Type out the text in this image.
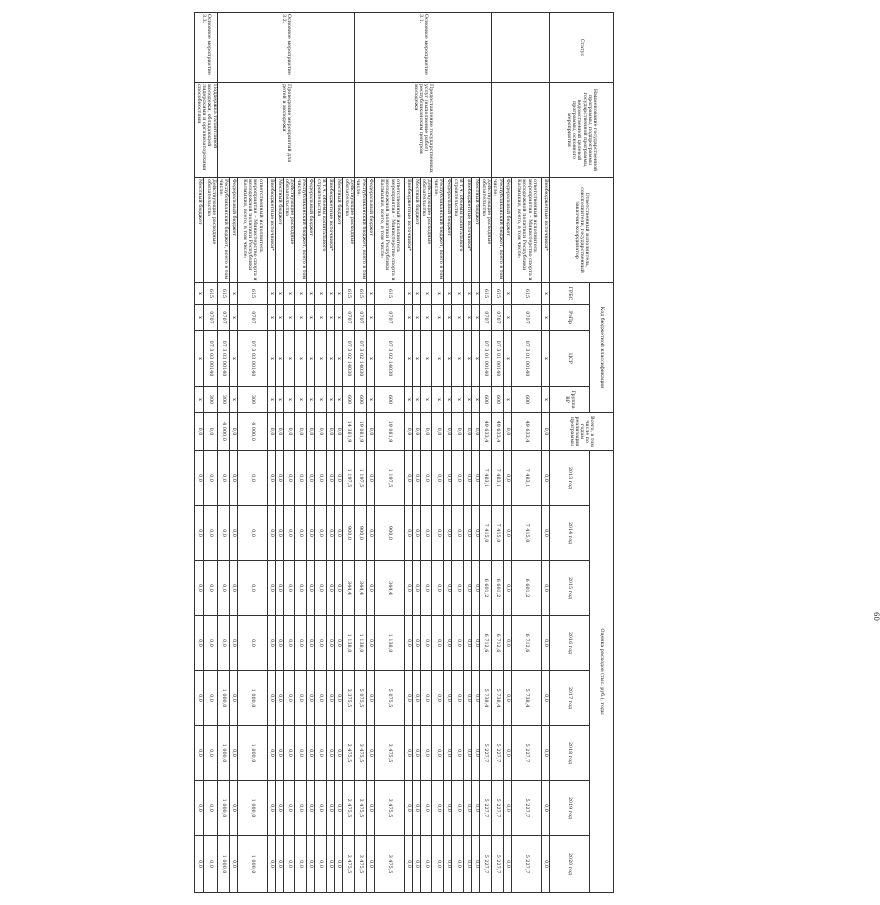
Статус	Наименование государственной программы, подпрограммы государственной программы, ведомственной целевой программы, основного мероприятия	Ответственный исполнитель, соисполнители, государственный заказчик-координатор	Код бюджетной классификации				Всего, в том числе по годам реализации программы	Оценка расходов (тыс. руб.), годы							
			ГРБС	РзПр	ЦСР	Группа ВР		2013 год	2014 год	2015 год	2016 год	2017 год	2018 год	2019 год	2020 год
		Внебюджетные источники*	x	x	x	x	0,0	0,0	0,0	0,0	0,0	0,0	0,0	0,0	0,0
		ответственный исполнитель мероприятия – Министерство спорта и молодежной политики Республики Калмыкия, всего, в том числе:	615	0707	07 3 01 00140	600	49 633,4	7 483,1	7 415,0	6 601,2	6 712,6	5 738,4	5 227,7	5 227,7	5 227,7
		Федеральный бюджет	x	x	x	x	0,0	0,0	0,0	0,0	0,0	0,0	0,0	0,0	0,0
		Республиканский бюджет, всего в том числе:	615	0707	07 3 01 00140	600	49 633,4	7 483,1	7 415,0	6 601,2	6 712,6	5 738,4	5 227,7	5 227,7	5 227,7
Основное мероприятие 3.1.	Предоставление государственных услуг (выполнение работ) республиканским центром молодежи	Действующие расходные обязательства	615	0707	07 3 01 00140	600	49 633,4	7 483,1	7 415,0	6 601,2	6 712,6	5 738,4	5 227,7	5 227,7	5 227,7
		Местный бюджет	x	x	x	x	0,0	0,0	0,0	0,0	0,0	0,0	0,0	0,0	0,0
		Внебюджетные источники*	x	x	x	x	0,0	0,0	0,0	0,0	0,0	0,0	0,0	0,0	0,0
		В т.ч. объемы капитального строительства	x	x	x	x	0,0	0,0	0,0	0,0	0,0	0,0	0,0	0,0	0,0
		Федеральный бюджет	x	x	x	x	0,0	0,0	0,0	0,0	0,0	0,0	0,0	0,0	0,0
		Республиканский бюджет, всего в том числе:	x	x	x	x	0,0	0,0	0,0	0,0	0,0	0,0	0,0	0,0	0,0
		Действующие расходные обязательства	x	x	x	x	0,0	0,0	0,0	0,0	0,0	0,0	0,0	0,0	0,0
		Местный бюджет	x	x	x	x	0,0	0,0	0,0	0,0	0,0	0,0	0,0	0,0	0,0
		Внебюджетные источники*	x	x	x	x	0,0	0,0	0,0	0,0	0,0	0,0	0,0	0,0	0,0
		ответственный исполнитель мероприятия – Министерство спорта и молодежной политики Республики Калмыкия, всего, в том числе:	615	0707	07 3 02 14030	600	19 081,9	1 197,5	900,0	344,4	1 138,0	5 075,5	3 475,5	3 475,5	3 475,5
		Федеральный бюджет	x	x	x	x	0,0	0,0	0,0	0,0	0,0	0,0	0,0	0,0	0,0
		Республиканский бюджет, всего в том числе:	615	0707	07 3 02 14030	600	19 081,9	1 197,5	900,0	344,4	1 138,0	5 075,5	3 475,5	3 475,5	3 475,5
Основное мероприятие 3.2.	Проведение мероприятий для детей и молодежи	Действующие расходные обязательства	615	0707	07 3 02 14030	600	14 381,9	1 197,5	900,0	344,4	1 138,0	3 375,5	2 475,5	2 475,5	2 475,5
		Местный бюджет	x	x	x	x	0,0	0,0	0,0	0,0	0,0	0,0	0,0	0,0	0,0
		Внебюджетные источники*	x	x	x	x	0,0	0,0	0,0	0,0	0,0	0,0	0,0	0,0	0,0
		В т.ч. объемы капитального строительства	x	x	x	x	0,0	0,0	0,0	0,0	0,0	0,0	0,0	0,0	0,0
		Федеральный бюджет	x	x	x	x	0,0	0,0	0,0	0,0	0,0	0,0	0,0	0,0	0,0
		Республиканский бюджет, всего в том числе:	x	x	x	x	0,0	0,0	0,0	0,0	0,0	0,0	0,0	0,0	0,0
		Действующие расходные обязательства	x	x	x	x	0,0	0,0	0,0	0,0	0,0	0,0	0,0	0,0	0,0
		Местный бюджет	x	x	x	x	0,0	0,0	0,0	0,0	0,0	0,0	0,0	0,0	0,0
		Внебюджетные источники*	x	x	x	x	0,0	0,0	0,0	0,0	0,0	0,0	0,0	0,0	0,0
		ответственный исполнитель мероприятия – Министерство спорта и молодежной политики Республики Калмыкия, всего, в том числе:	615	0707	07 3 03 00140	300	4 000,0	0,0	0,0	0,0	0,0	1 000,0	1 000,0	1 000,0	1 000,0
		Федеральный бюджет	x	x	x	x	0,0	0,0	0,0	0,0	0,0	0,0	0,0	0,0	0,0
		Республиканский бюджет, всего в том числе:	615	0707	07 3 03 00140	300	4 000,0	0,0	0,0	0,0	0,0	1 000,0	1 000,0	1 000,0	1 000,0
Основное мероприятие 3.3.	Поддержка талантливой молодежи, обладающей лидерскими и организаторскими способностями	Действующие расходные обязательства	615	0707	07 3 03 00140	300	0,0	0,0	0,0	0,0	0,0	0,0	0,0	0,0	0,0
		Местный бюджет	x	x	x	x	0,0	0,0	0,0	0,0	0,0	0,0	0,0	0,0	0,0
60
